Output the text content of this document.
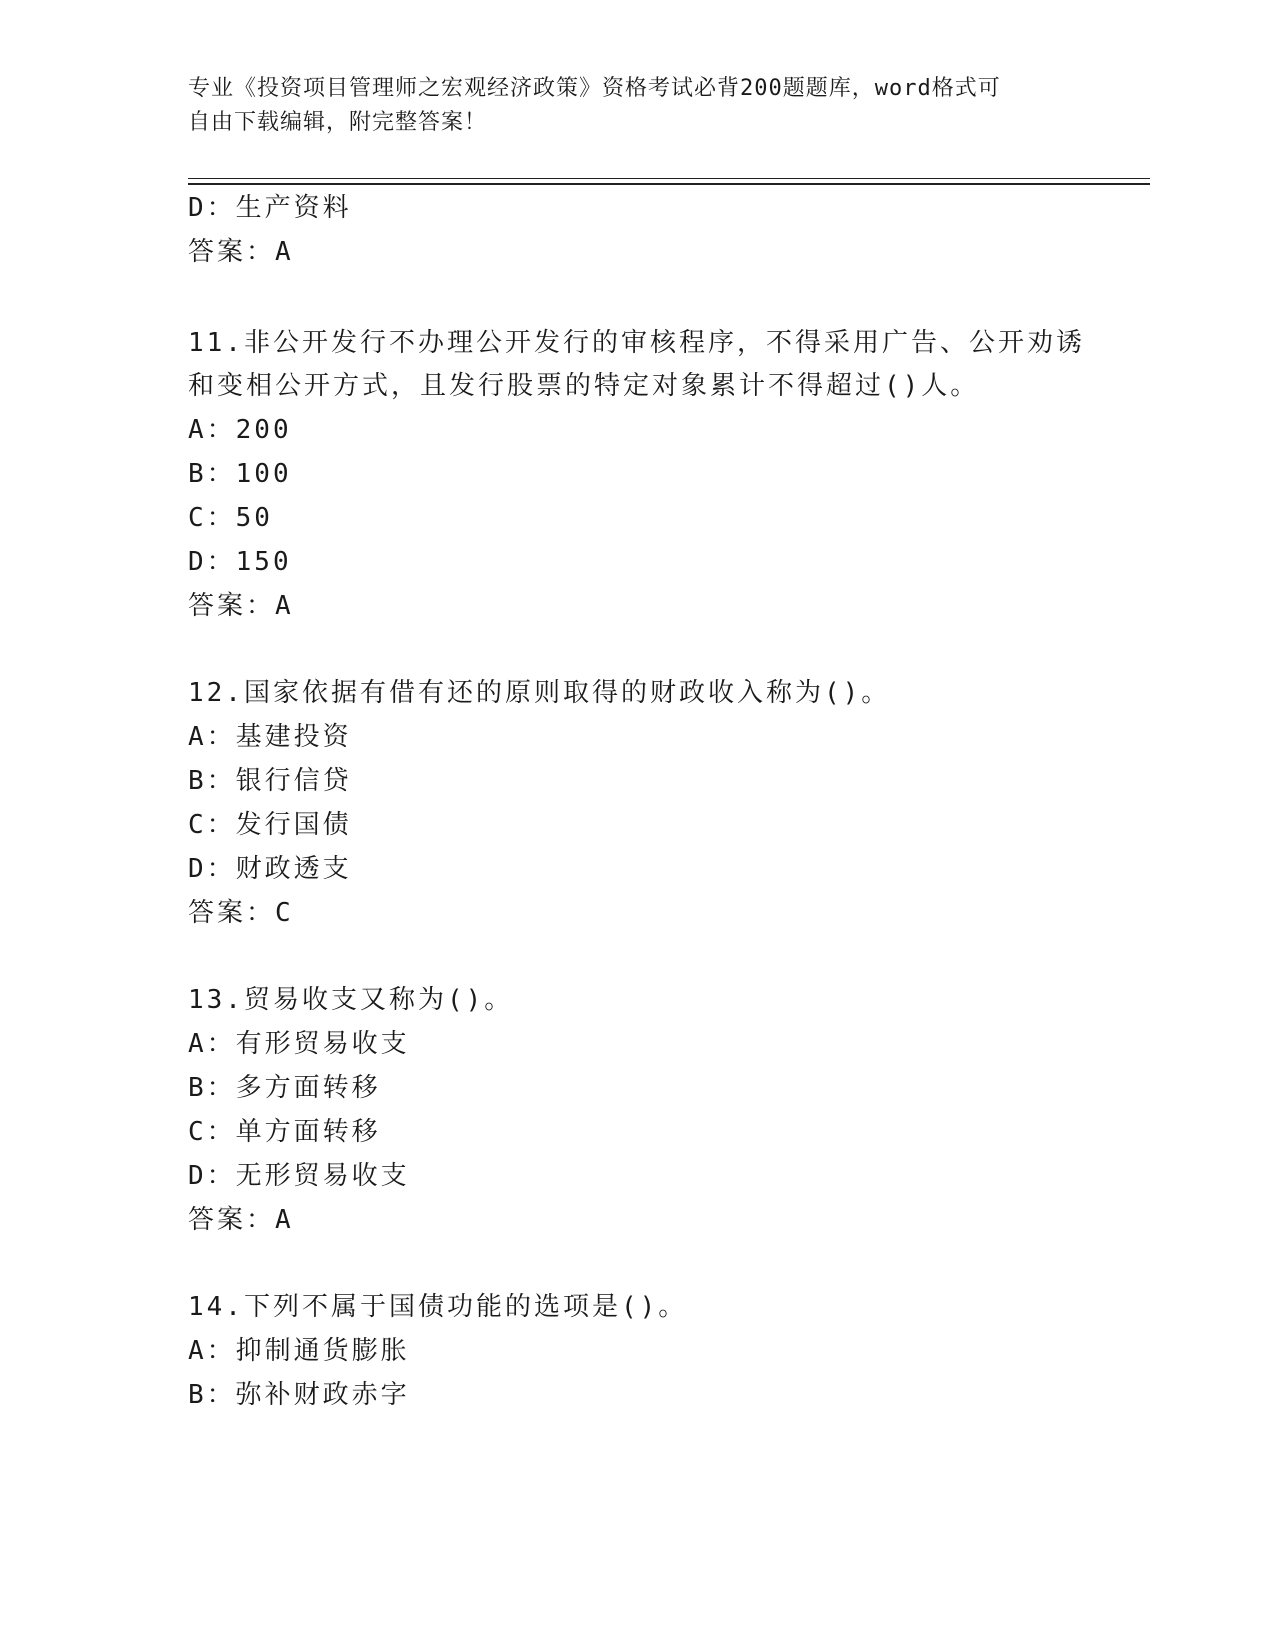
专业《投资项目管理师之宏观经济政策》资格考试必背200题题库，word格式可
自由下载编辑，附完整答案！
D：生产资料
答案：A
11.非公开发行不办理公开发行的审核程序，不得采用广告、公开劝诱
和变相公开方式，且发行股票的特定对象累计不得超过()人。
A：200
B：100
C：50
D：150
答案：A
12.国家依据有借有还的原则取得的财政收入称为()。
A：基建投资
B：银行信贷
C：发行国债
D：财政透支
答案：C
13.贸易收支又称为()。
A：有形贸易收支
B：多方面转移
C：单方面转移
D：无形贸易收支
答案：A
14.下列不属于国债功能的选项是()。
A：抑制通货膨胀
B：弥补财政赤字
